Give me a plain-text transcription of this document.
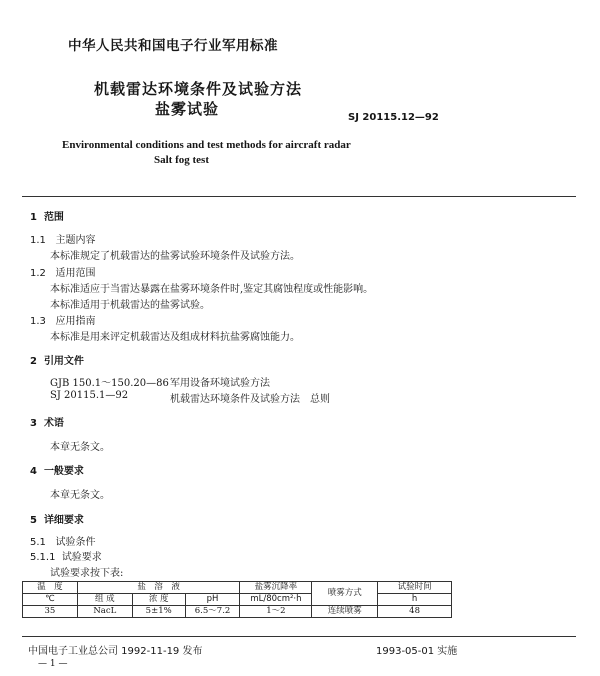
中华人民共和国电子行业军用标准
机载雷达环境条件及试验方法
盐雾试验	SJ 20115.12—92
Environmental conditions and test methods for aircraft radar
Salt fog test
1 范围
1.1 主题内容
本标准规定了机载雷达的盐雾试验环境条件及试验方法。
1.2 适用范围
本标准适应于当雷达暴露在盐雾环境条件时,鉴定其腐蚀程度或性能影响。
本标准适用于机载雷达的盐雾试验。
1.3 应用指南
本标准是用来评定机载雷达及组成材料抗盐雾腐蚀能力。
2 引用文件
GJB 150.1～150.20—86 军用设备环境试验方法
SJ 20115.1—92	机载雷达环境条件及试验方法　总则
3 术语
本章无条文。
4 一般要求
本章无条文。
5 详细要求
5.1 试验条件
5.1.1 试验要求
试验要求按下表:
温　度	盐　溶　液			盐雾沉降率	喷雾方式	试验时间
℃	组 成	浓 度	pH	mL/80cm²·h		h
35	NacL	5±1%	6.5～7.2	1～2	连续喷雾	48
中国电子工业总公司 1992-11-19 发布	1993-05-01 实施
— 1 —
